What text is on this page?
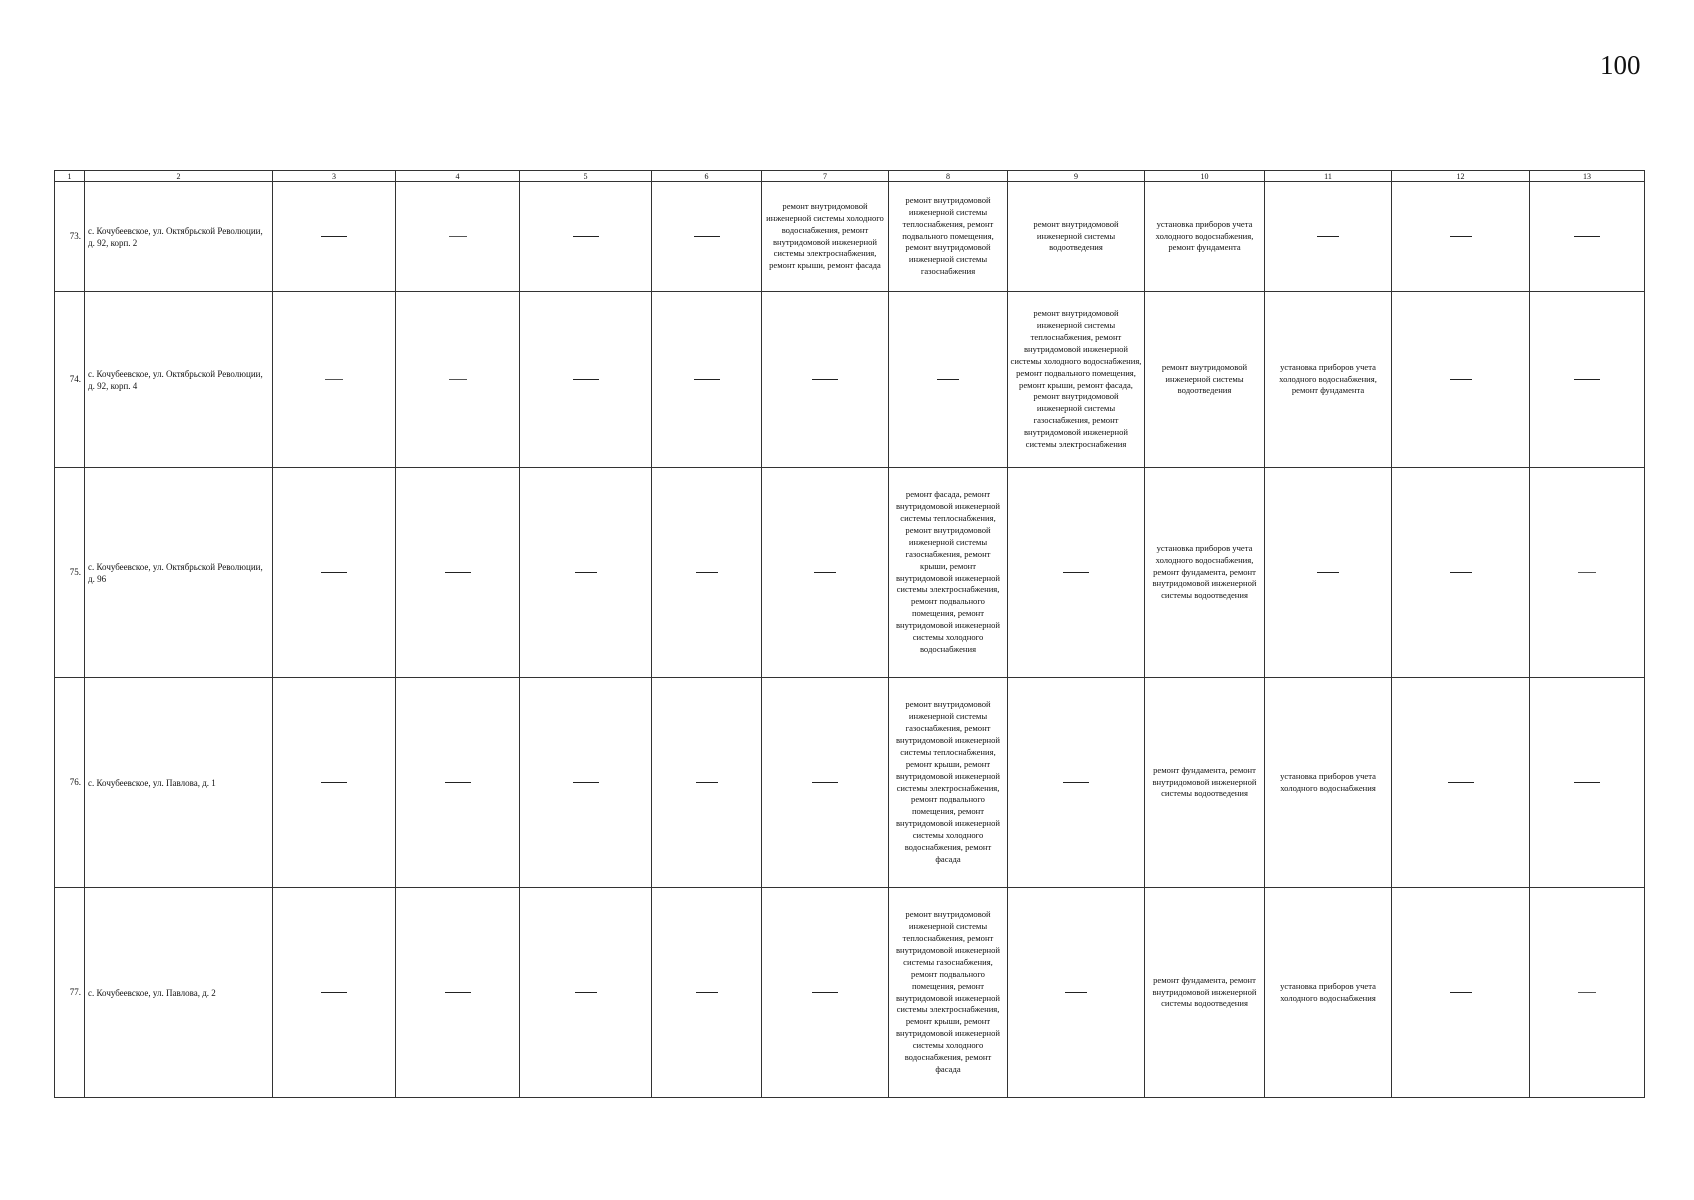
100
1	2	3	4	5	6	7	8	9	10	11	12	13
73.	с. Кочубеевское, ул. Октябрьской Революции, д. 92, корп. 2					ремонт внутридомовой инженерной системы холодного водоснабжения, ремонт внутридомовой инженерной системы электроснабжения, ремонт крыши, ремонт фасада	ремонт внутридомовой инженерной системы теплоснабжения, ремонт подвального помещения, ремонт внутридомовой инженерной системы газоснабжения	ремонт внутридомовой инженерной системы водоотведения	установка приборов учета холодного водоснабжения, ремонт фундамента			
74.	с. Кочубеевское, ул. Октябрьской Революции, д. 92, корп. 4							ремонт внутридомовой инженерной системы теплоснабжения, ремонт внутридомовой инженерной системы холодного водоснабжения, ремонт подвального помещения, ремонт крыши, ремонт фасада, ремонт внутридомовой инженерной системы газоснабжения, ремонт внутридомовой инженерной системы электроснабжения	ремонт внутридомовой инженерной системы водоотведения	установка приборов учета холодного водоснабжения, ремонт фундамента		
75.	с. Кочубеевское, ул. Октябрьской Революции, д. 96						ремонт фасада, ремонт внутридомовой инженерной системы теплоснабжения, ремонт внутридомовой инженерной системы газоснабжения, ремонт крыши, ремонт внутридомовой инженерной системы электроснабжения, ремонт подвального помещения, ремонт внутридомовой инженерной системы холодного водоснабжения		установка приборов учета холодного водоснабжения, ремонт фундамента, ремонт внутридомовой инженерной системы водоотведения			
76.	с. Кочубеевское, ул. Павлова, д. 1						ремонт внутридомовой инженерной системы газоснабжения, ремонт внутридомовой инженерной системы теплоснабжения, ремонт крыши, ремонт внутридомовой инженерной системы электроснабжения, ремонт подвального помещения, ремонт внутридомовой инженерной системы холодного водоснабжения, ремонт фасада		ремонт фундамента, ремонт внутридомовой инженерной системы водоотведения	установка приборов учета холодного водоснабжения		
77.	с. Кочубеевское, ул. Павлова, д. 2						ремонт внутридомовой инженерной системы теплоснабжения, ремонт внутридомовой инженерной системы газоснабжения, ремонт подвального помещения, ремонт внутридомовой инженерной системы электроснабжения, ремонт крыши, ремонт внутридомовой инженерной системы холодного водоснабжения, ремонт фасада		ремонт фундамента, ремонт внутридомовой инженерной системы водоотведения	установка приборов учета холодного водоснабжения		
